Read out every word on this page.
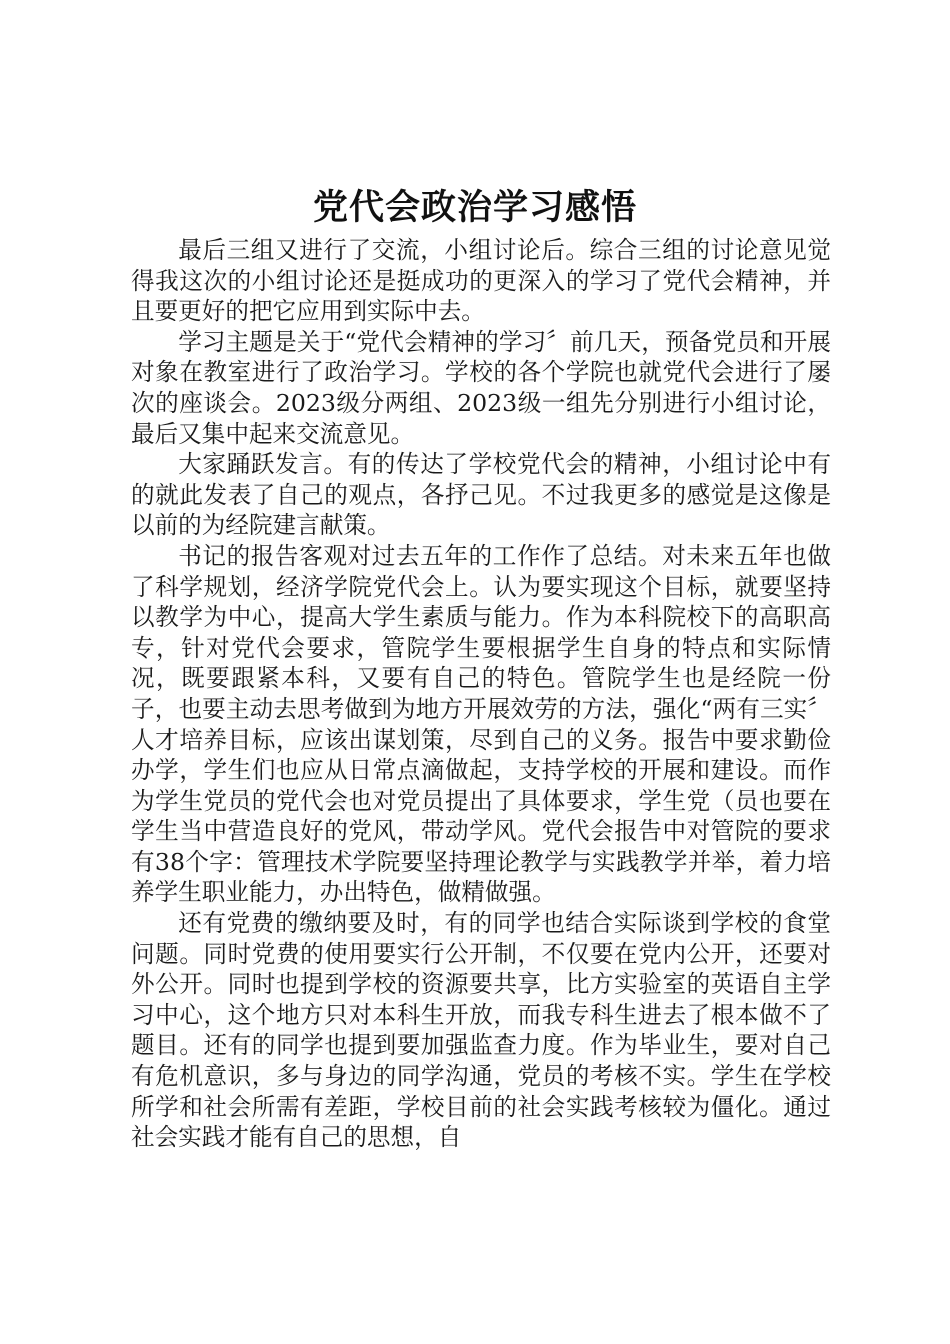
党代会政治学习感悟

最后三组又进行了交流，小组讨论后。综合三组的讨论意见觉得我这次的小组讨论还是挺成功的更深入的学习了党代会精神，并且要更好的把它应用到实际中去。

学习主题是关于“党代会精神的学习〞前几天，预备党员和开展对象在教室进行了政治学习。学校的各个学院也就党代会进行了屡次的座谈会。2023级分两组、2023级一组先分别进行小组讨论，最后又集中起来交流意见。

大家踊跃发言。有的传达了学校党代会的精神，小组讨论中有的就此发表了自己的观点，各抒己见。不过我更多的感觉是这像是以前的为经院建言献策。

书记的报告客观对过去五年的工作作了总结。对未来五年也做了科学规划，经济学院党代会上。认为要实现这个目标，就要坚持以教学为中心，提高大学生素质与能力。作为本科院校下的高职高专，针对党代会要求，管院学生要根据学生自身的特点和实际情况，既要跟紧本科，又要有自己的特色。管院学生也是经院一份子，也要主动去思考做到为地方开展效劳的方法，强化“两有三实〞人才培养目标，应该出谋划策，尽到自己的义务。报告中要求勤俭办学，学生们也应从日常点滴做起，支持学校的开展和建设。而作为学生党员的党代会也对党员提出了具体要求，学生党（员也要在学生当中营造良好的党风，带动学风。党代会报告中对管院的要求有38个字：管理技术学院要坚持理论教学与实践教学并举，着力培养学生职业能力，办出特色，做精做强。

还有党费的缴纳要及时，有的同学也结合实际谈到学校的食堂问题。同时党费的使用要实行公开制，不仅要在党内公开，还要对外公开。同时也提到学校的资源要共享，比方实验室的英语自主学习中心，这个地方只对本科生开放，而我专科生进去了根本做不了题目。还有的同学也提到要加强监查力度。作为毕业生，要对自己有危机意识，多与身边的同学沟通，党员的考核不实。学生在学校所学和社会所需有差距，学校目前的社会实践考核较为僵化。通过社会实践才能有自己的思想，自
